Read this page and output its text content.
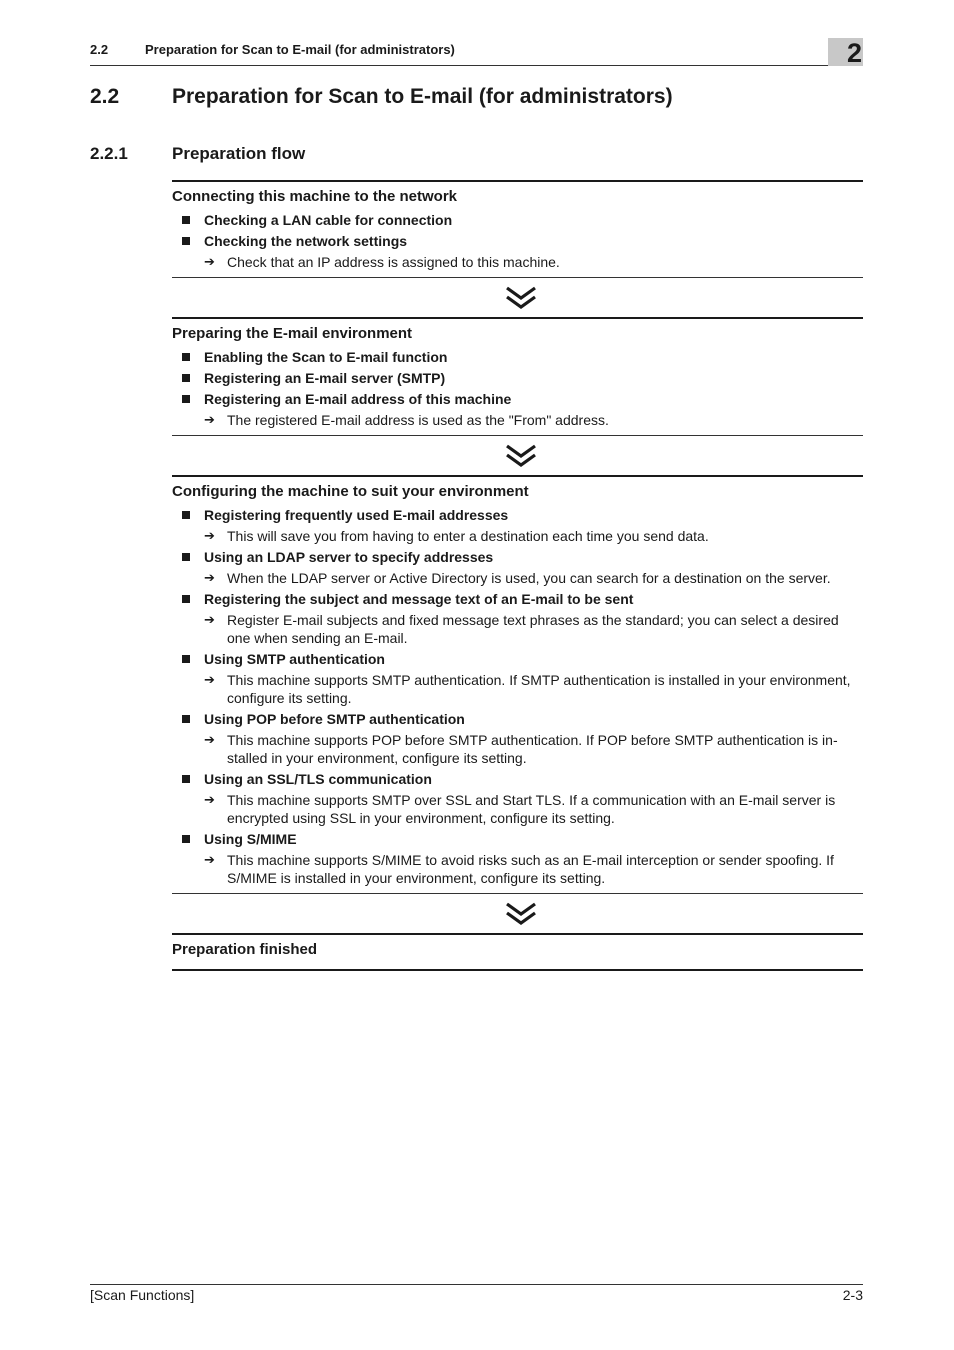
2.2	Preparation for Scan to E-mail (for administrators)	2
2.2	Preparation for Scan to E-mail (for administrators)
2.2.1	Preparation flow
Connecting this machine to the network
Checking a LAN cable for connection
Checking the network settings
➔ Check that an IP address is assigned to this machine.
Preparing the E-mail environment
Enabling the Scan to E-mail function
Registering an E-mail server (SMTP)
Registering an E-mail address of this machine
➔ The registered E-mail address is used as the "From" address.
Configuring the machine to suit your environment
Registering frequently used E-mail addresses
➔ This will save you from having to enter a destination each time you send data.
Using an LDAP server to specify addresses
➔ When the LDAP server or Active Directory is used, you can search for a destination on the server.
Registering the subject and message text of an E-mail to be sent
➔ Register E-mail subjects and fixed message text phrases as the standard; you can select a desired one when sending an E-mail.
Using SMTP authentication
➔ This machine supports SMTP authentication. If SMTP authentication is installed in your environment, configure its setting.
Using POP before SMTP authentication
➔ This machine supports POP before SMTP authentication. If POP before SMTP authentication is in-stalled in your environment, configure its setting.
Using an SSL/TLS communication
➔ This machine supports SMTP over SSL and Start TLS. If a communication with an E-mail server is encrypted using SSL in your environment, configure its setting.
Using S/MIME
➔ This machine supports S/MIME to avoid risks such as an E-mail interception or sender spoofing. If S/MIME is installed in your environment, configure its setting.
Preparation finished
[Scan Functions]	2-3
